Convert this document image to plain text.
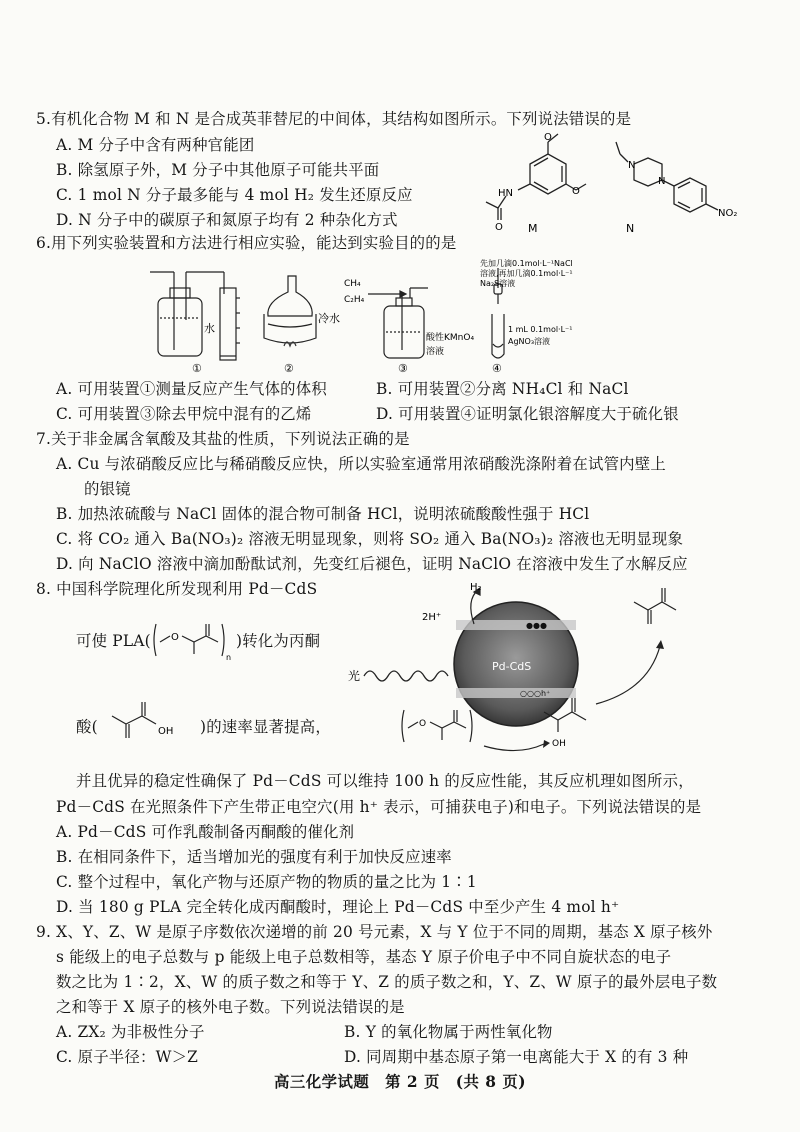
5.有机化合物 M 和 N 是合成英菲替尼的中间体，其结构如图所示。下列说法错误的是
A. M 分子中含有两种官能团
B. 除氢原子外，M 分子中其他原子可能共平面
C. 1 mol N 分子最多能与 4 mol H₂ 发生还原反应
D. N 分子中的碳原子和氮原子均有 2 种杂化方式
O
O
HN
O M
N
N
NO₂
N
6.用下列实验装置和方法进行相应实验，能达到实验目的的是
水
冷水
CH₄
C₂H₄
酸性KMnO₄
溶液
先加几滴0.1mol·L⁻¹NaCl
溶液,再加几滴0.1mol·L⁻¹
Na₂S溶液
1 mL 0.1mol·L⁻¹
AgNO₃溶液
①	②	③	④
A. 可用装置①测量反应产生气体的体积	B. 可用装置②分离 NH₄Cl 和 NaCl
C. 可用装置③除去甲烷中混有的乙烯	D. 可用装置④证明氯化银溶解度大于硫化银
7.关于非金属含氧酸及其盐的性质，下列说法正确的是
A. Cu 与浓硝酸反应比与稀硝酸反应快，所以实验室通常用浓硝酸洗涤附着在试管内壁上
的银镜
B. 加热浓硫酸与 NaCl 固体的混合物可制备 HCl，说明浓硫酸酸性强于 HCl
C. 将 CO₂ 通入 Ba(NO₃)₂ 溶液无明显现象，则将 SO₂ 通入 Ba(NO₃)₂ 溶液也无明显现象
D. 向 NaClO 溶液中滴加酚酞试剂，先变红后褪色，证明 NaClO 在溶液中发生了水解反应
8. 中国科学院理化所发现利用 Pd－CdS
可使 PLA( O
n
)转化为丙酮
酸(	OH )的速率显著提高，
Pd-CdS
●●●
○○○h⁺
H₂
2H⁺
光
O
OH
并且优异的稳定性确保了 Pd－CdS 可以维持 100 h 的反应性能，其反应机理如图所示，
Pd－CdS 在光照条件下产生带正电空穴(用 h⁺ 表示，可捕获电子)和电子。下列说法错误的是
A. Pd－CdS 可作乳酸制备丙酮酸的催化剂
B. 在相同条件下，适当增加光的强度有利于加快反应速率
C. 整个过程中，氧化产物与还原产物的物质的量之比为 1∶1
D. 当 180 g PLA 完全转化成丙酮酸时，理论上 Pd－CdS 中至少产生 4 mol h⁺
9. X、Y、Z、W 是原子序数依次递增的前 20 号元素，X 与 Y 位于不同的周期，基态 X 原子核外
s 能级上的电子总数与 p 能级上电子总数相等，基态 Y 原子价电子中不同自旋状态的电子
数之比为 1∶2，X、W 的质子数之和等于 Y、Z 的质子数之和，Y、Z、W 原子的最外层电子数
之和等于 X 原子的核外电子数。下列说法错误的是
A. ZX₂ 为非极性分子	B. Y 的氧化物属于两性氧化物
C. 原子半径：W＞Z	D. 同周期中基态原子第一电离能大于 X 的有 3 种
高三化学试题　第 2 页　(共 8 页)
